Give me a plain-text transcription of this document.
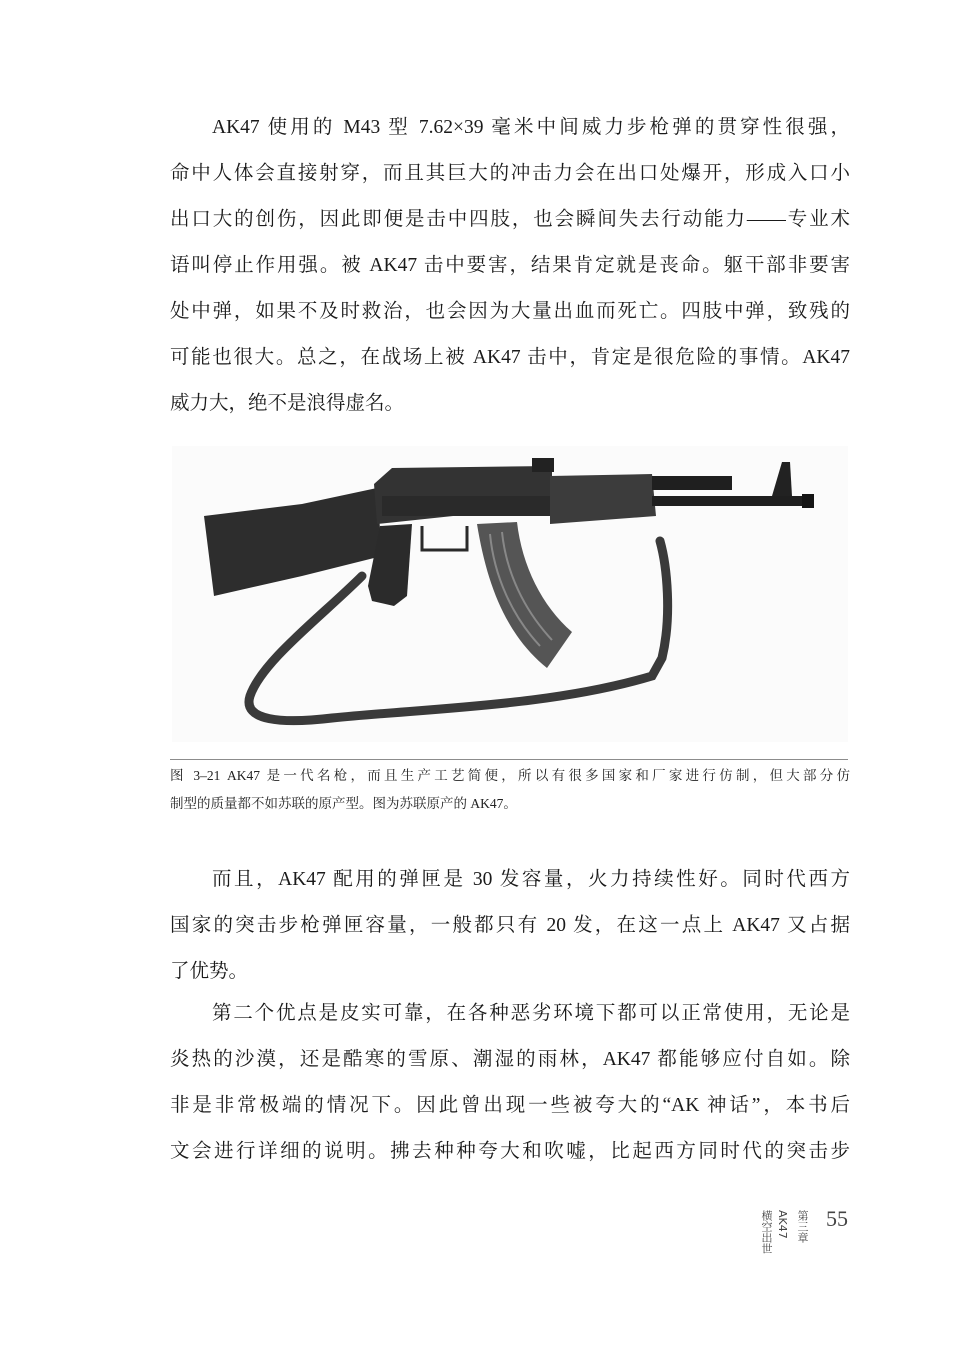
AK47 使用的 M43 型 7.62×39 毫米中间威力步枪弹的贯穿性很强，
命中人体会直接射穿，而且其巨大的冲击力会在出口处爆开，形成入口小
出口大的创伤，因此即便是击中四肢，也会瞬间失去行动能力——专业术
语叫停止作用强。被 AK47 击中要害，结果肯定就是丧命。躯干部非要害
处中弹，如果不及时救治，也会因为大量出血而死亡。四肢中弹，致残的
可能也很大。总之，在战场上被 AK47 击中，肯定是很危险的事情。AK47
威力大，绝不是浪得虚名。
图 3–21 AK47 是一代名枪，而且生产工艺简便，所以有很多国家和厂家进行仿制，但大部分仿
制型的质量都不如苏联的原产型。图为苏联原产的 AK47。
而且，AK47 配用的弹匣是 30 发容量，火力持续性好。同时代西方
国家的突击步枪弹匣容量，一般都只有 20 发，在这一点上 AK47 又占据
了优势。
第二个优点是皮实可靠，在各种恶劣环境下都可以正常使用，无论是
炎热的沙漠，还是酷寒的雪原、潮湿的雨林，AK47 都能够应付自如。除
非是非常极端的情况下。因此曾出现一些被夸大的“AK 神话”，本书后
文会进行详细的说明。拂去种种夸大和吹嘘，比起西方同时代的突击步
55
第三章
AK47
横空出世
